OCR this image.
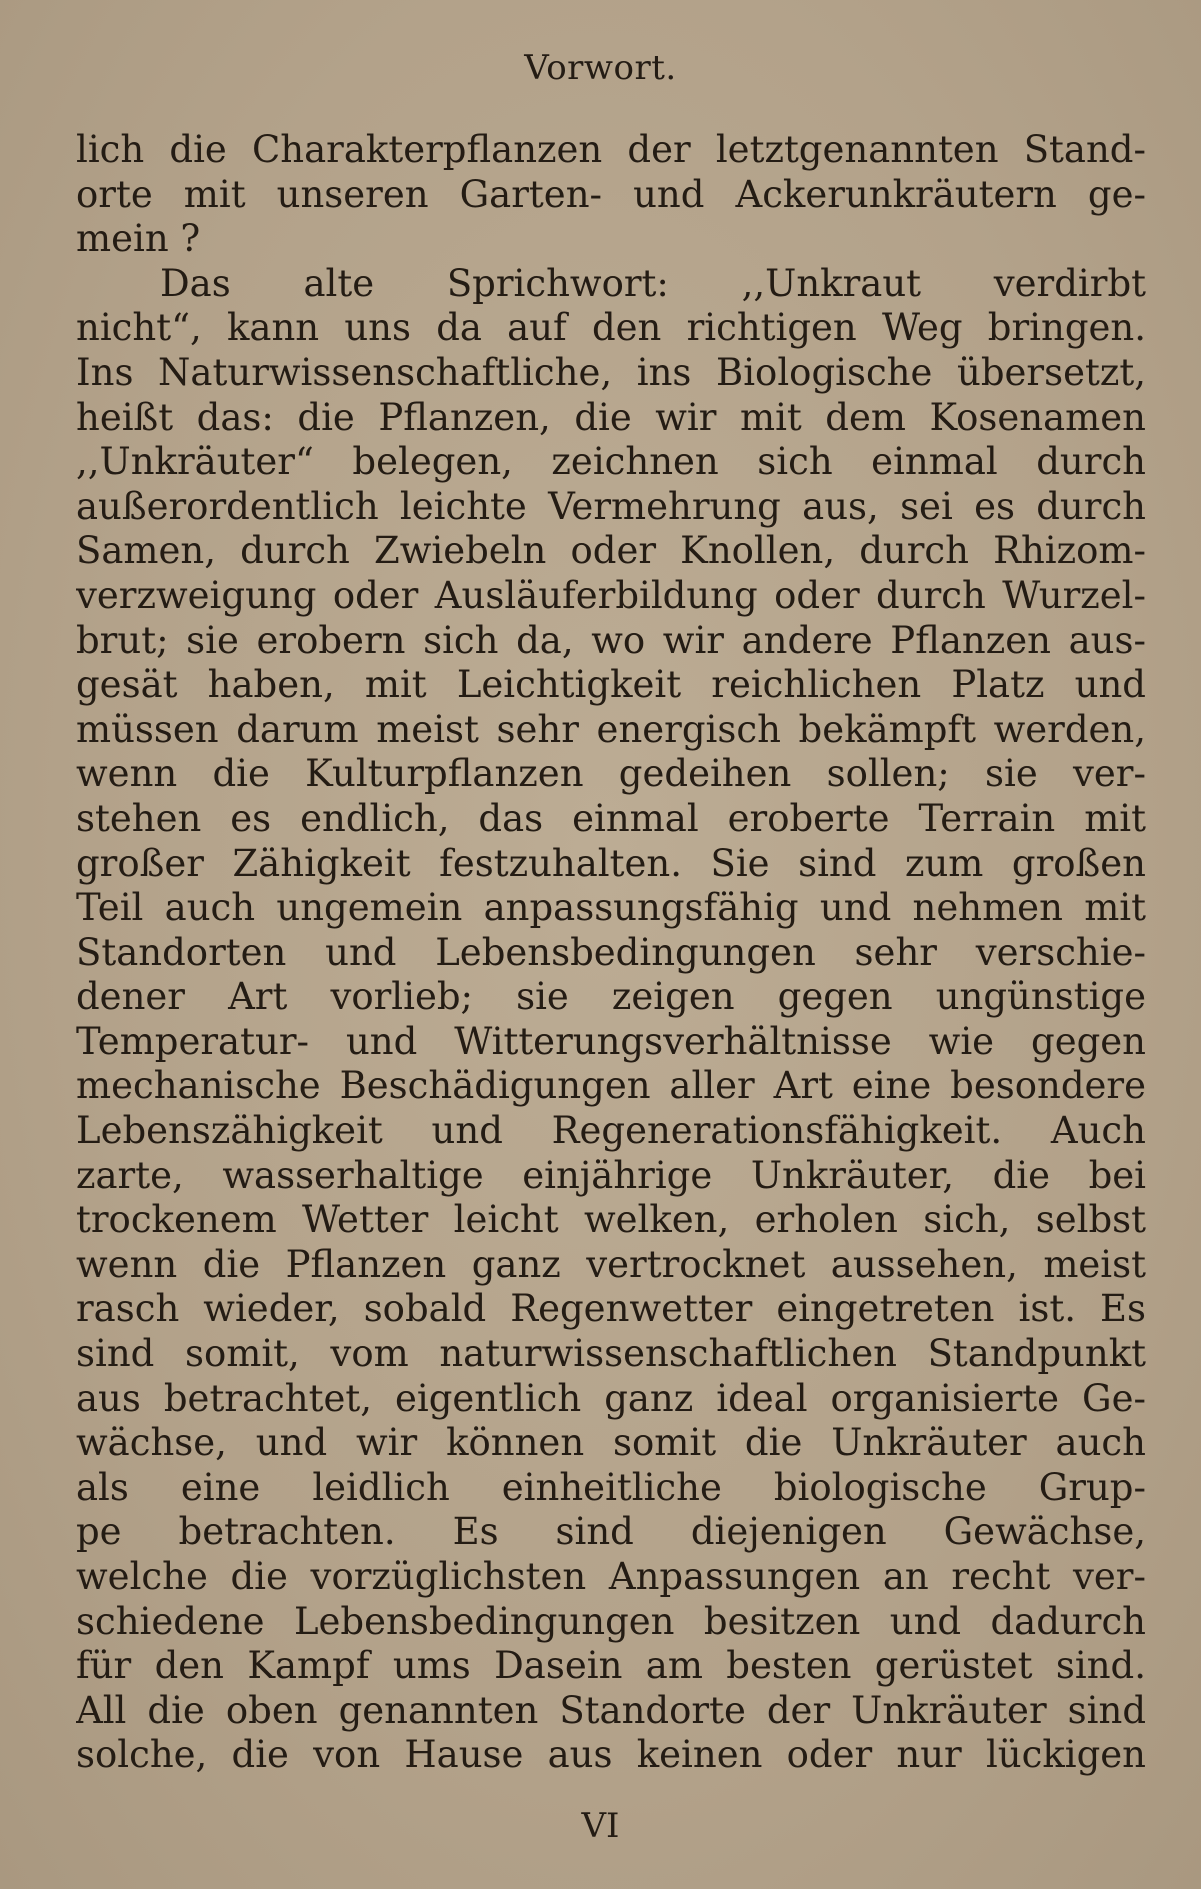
Vorwort.
lich die Charakterpflanzen der letztgenannten Stand-
orte mit unseren Garten- und Ackerunkräutern ge-
mein ?
Das alte Sprichwort: ,,Unkraut verdirbt
nicht“, kann uns da auf den richtigen Weg bringen.
Ins Naturwissenschaftliche, ins Biologische übersetzt,
heißt das: die Pflanzen, die wir mit dem Kosenamen
,,Unkräuter“ belegen, zeichnen sich einmal durch
außerordentlich leichte Vermehrung aus, sei es durch
Samen, durch Zwiebeln oder Knollen, durch Rhizom-
verzweigung oder Ausläuferbildung oder durch Wurzel-
brut; sie erobern sich da, wo wir andere Pflanzen aus-
gesät haben, mit Leichtigkeit reichlichen Platz und
müssen darum meist sehr energisch bekämpft werden,
wenn die Kulturpflanzen gedeihen sollen; sie ver-
stehen es endlich, das einmal eroberte Terrain mit
großer Zähigkeit festzuhalten. Sie sind zum großen
Teil auch ungemein anpassungsfähig und nehmen mit
Standorten und Lebensbedingungen sehr verschie-
dener Art vorlieb; sie zeigen gegen ungünstige
Temperatur- und Witterungsverhältnisse wie gegen
mechanische Beschädigungen aller Art eine besondere
Lebenszähigkeit und Regenerationsfähigkeit. Auch
zarte, wasserhaltige einjährige Unkräuter, die bei
trockenem Wetter leicht welken, erholen sich, selbst
wenn die Pflanzen ganz vertrocknet aussehen, meist
rasch wieder, sobald Regenwetter eingetreten ist. Es
sind somit, vom naturwissenschaftlichen Standpunkt
aus betrachtet, eigentlich ganz ideal organisierte Ge-
wächse, und wir können somit die Unkräuter auch
als eine leidlich einheitliche biologische Grup-
pe betrachten. Es sind diejenigen Gewächse,
welche die vorzüglichsten Anpassungen an recht ver-
schiedene Lebensbedingungen besitzen und dadurch
für den Kampf ums Dasein am besten gerüstet sind.
All die oben genannten Standorte der Unkräuter sind
solche, die von Hause aus keinen oder nur lückigen
VI
